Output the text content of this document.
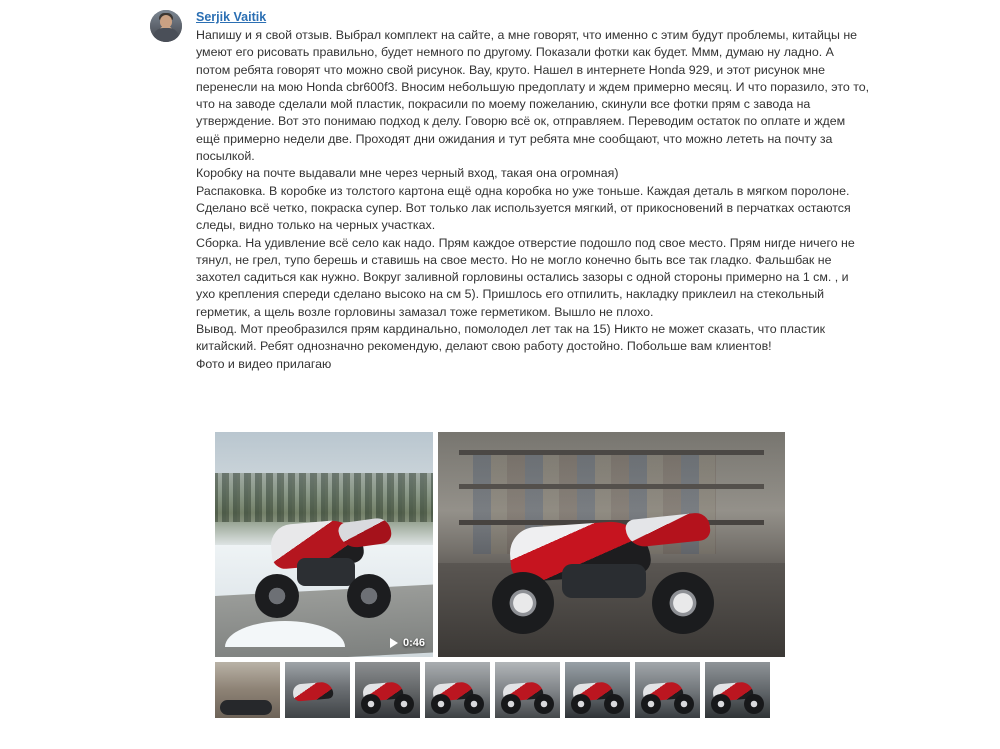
Serjik Vaitik

Напишу и я свой отзыв. Выбрал комплект на сайте, а мне говорят, что именно с этим будут проблемы, китайцы не умеют его рисовать правильно, будет немного по другому. Показали фотки как будет. Ммм, думаю ну ладно. А потом ребята говорят что можно свой рисунок. Вау, круто. Нашел в интернете Honda 929, и этот рисунок мне перенесли на мою Honda cbr600f3. Вносим небольшую предоплату и ждем примерно месяц. И что поразило, это то, что на заводе сделали мой пластик, покрасили по моему пожеланию, скинули все фотки прям с завода на утверждение. Вот это понимаю подход к делу. Говорю всё ок, отправляем. Переводим остаток по оплате и ждем ещё примерно недели две. Проходят дни ожидания и тут ребята мне сообщают, что можно лететь на почту за посылкой.

Коробку на почте выдавали мне через черный вход, такая она огромная)

Распаковка. В коробке из толстого картона ещё одна коробка но уже тоньше. Каждая деталь в мягком поролоне. Сделано всё четко, покраска супер. Вот только лак используется мягкий, от прикосновений в перчатках остаются следы, видно только на черных участках.

Сборка. На удивление всё село как надо. Прям каждое отверстие подошло под свое место. Прям нигде ничего не тянул, не грел, тупо берешь и ставишь на свое место. Но не могло конечно быть все так гладко. Фальшбак не захотел садиться как нужно. Вокруг заливной горловины остались зазоры с одной стороны примерно на 1 см. , и ухо крепления спереди сделано высоко на см 5). Пришлось его отпилить, накладку приклеил на стекольный герметик, а щель возле горловины замазал тоже герметиком. Вышло не плохо.

Вывод. Мот преобразился прям кардинально, помолодел лет так на 15) Никто не может сказать, что пластик китайский. Ребят однозначно рекомендую, делают свою работу достойно. Побольше вам клиентов!

Фото и видео прилагаю

0:46
